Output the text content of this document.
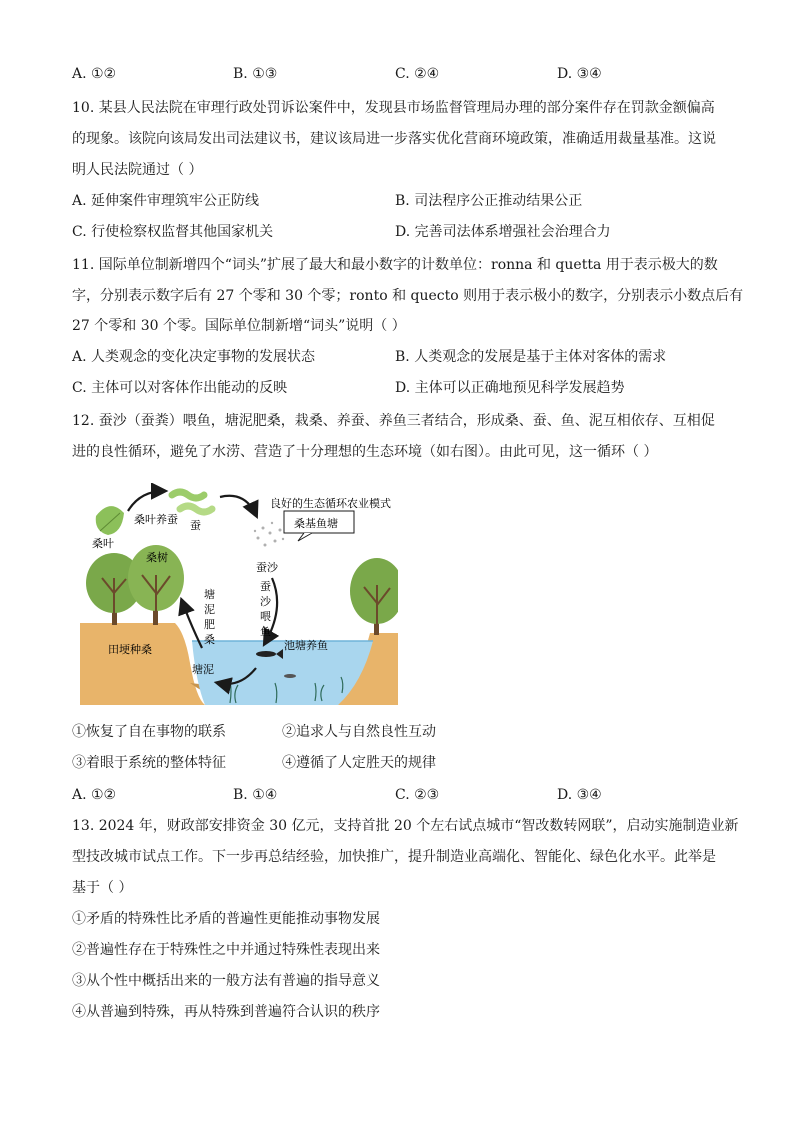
A. ①②	B. ①③	C. ②④	D. ③④
10. 某县人民法院在审理行政处罚诉讼案件中，发现县市场监督管理局办理的部分案件存在罚款金额偏高
的现象。该院向该局发出司法建议书，建议该局进一步落实优化营商环境政策，准确适用裁量基准。这说
明人民法院通过（ ）
A. 延伸案件审理筑牢公正防线	B. 司法程序公正推动结果公正
C. 行使检察权监督其他国家机关	D. 完善司法体系增强社会治理合力
11. 国际单位制新增四个“词头”扩展了最大和最小数字的计数单位：ronna 和 quetta 用于表示极大的数
字，分别表示数字后有 27 个零和 30 个零；ronto 和 quecto 则用于表示极小的数字，分别表示小数点后有
27 个零和 30 个零。国际单位制新增“词头”说明（ ）
A. 人类观念的变化决定事物的发展状态	B. 人类观念的发展是基于主体对客体的需求
C. 主体可以对客体作出能动的反映	D. 主体可以正确地预见科学发展趋势
12. 蚕沙（蚕粪）喂鱼，塘泥肥桑，栽桑、养蚕、养鱼三者结合，形成桑、蚕、鱼、泥互相依存、互相促
进的良性循环，避免了水涝、营造了十分理想的生态环境（如右图）。由此可见，这一循环（ ）
桑叶
桑叶养蚕 蚕
桑树
良好的生态循环农业模式
桑基鱼塘
蚕沙
蚕
沙
喂
鱼
塘
泥
肥
桑
田埂种桑	池塘养鱼
塘泥
①恢复了自在事物的联系	②追求人与自然良性互动
③着眼于系统的整体特征	④遵循了人定胜天的规律
A. ①②	B. ①④	C. ②③	D. ③④
13. 2024 年，财政部安排资金 30 亿元，支持首批 20 个左右试点城市“智改数转网联”，启动实施制造业新
型技改城市试点工作。下一步再总结经验，加快推广，提升制造业高端化、智能化、绿色化水平。此举是
基于（ ）
①矛盾的特殊性比矛盾的普遍性更能推动事物发展
②普遍性存在于特殊性之中并通过特殊性表现出来
③从个性中概括出来的一般方法有普遍的指导意义
④从普遍到特殊，再从特殊到普遍符合认识的秩序
